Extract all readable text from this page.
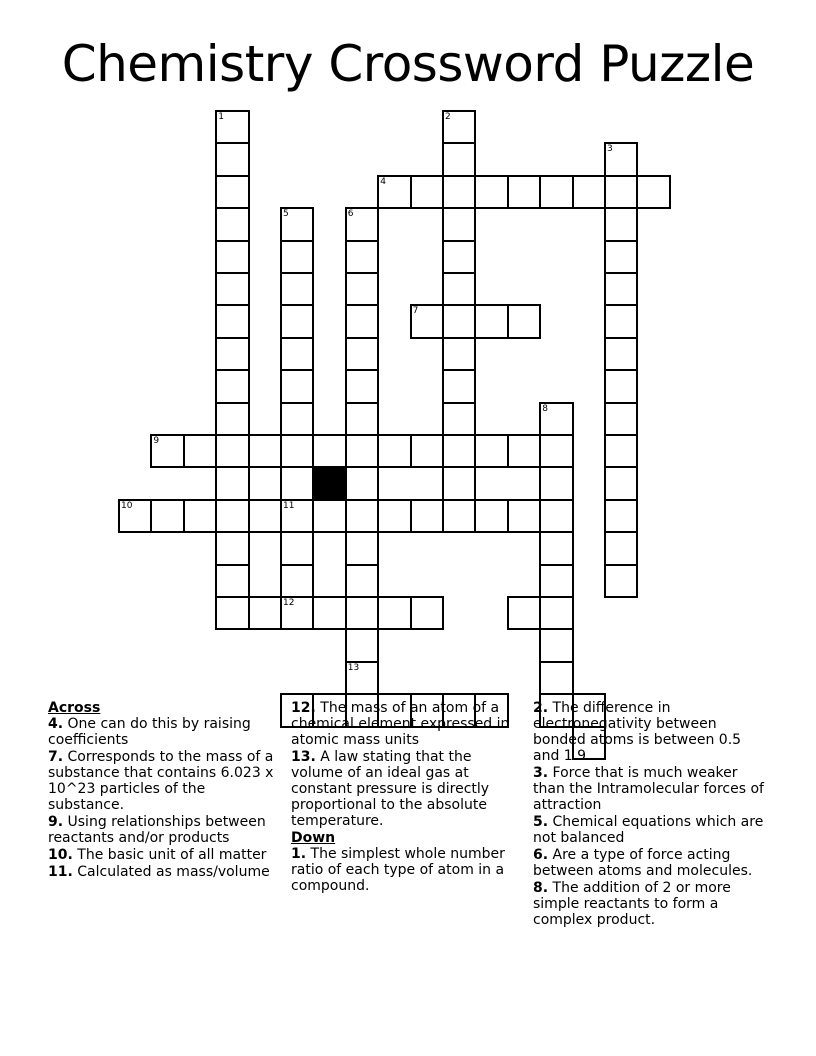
Chemistry Crossword Puzzle
1	2
3
4
5
11
12
6
13
7
8
9
10
Across
4. One can do this by raising coefficients
7. Corresponds to the mass of a substance that contains 6.023 x 10^23 particles of the substance.
9. Using relationships between reactants and/or products
10. The basic unit of all matter
11. Calculated as mass/volume
12. The mass of an atom of a chemical element expressed in atomic mass units
13. A law stating that the volume of an ideal gas at constant pressure is directly proportional to the absolute temperature.
Down
1. The simplest whole number ratio of each type of atom in a compound.
2. The difference in electronegativity between bonded atoms is between 0.5 and 1.9
3. Force that is much weaker than the Intramolecular forces of attraction
5. Chemical equations which are not balanced
6. Are a type of force acting between atoms and molecules.
8. The addition of 2 or more simple reactants to form a complex product.
